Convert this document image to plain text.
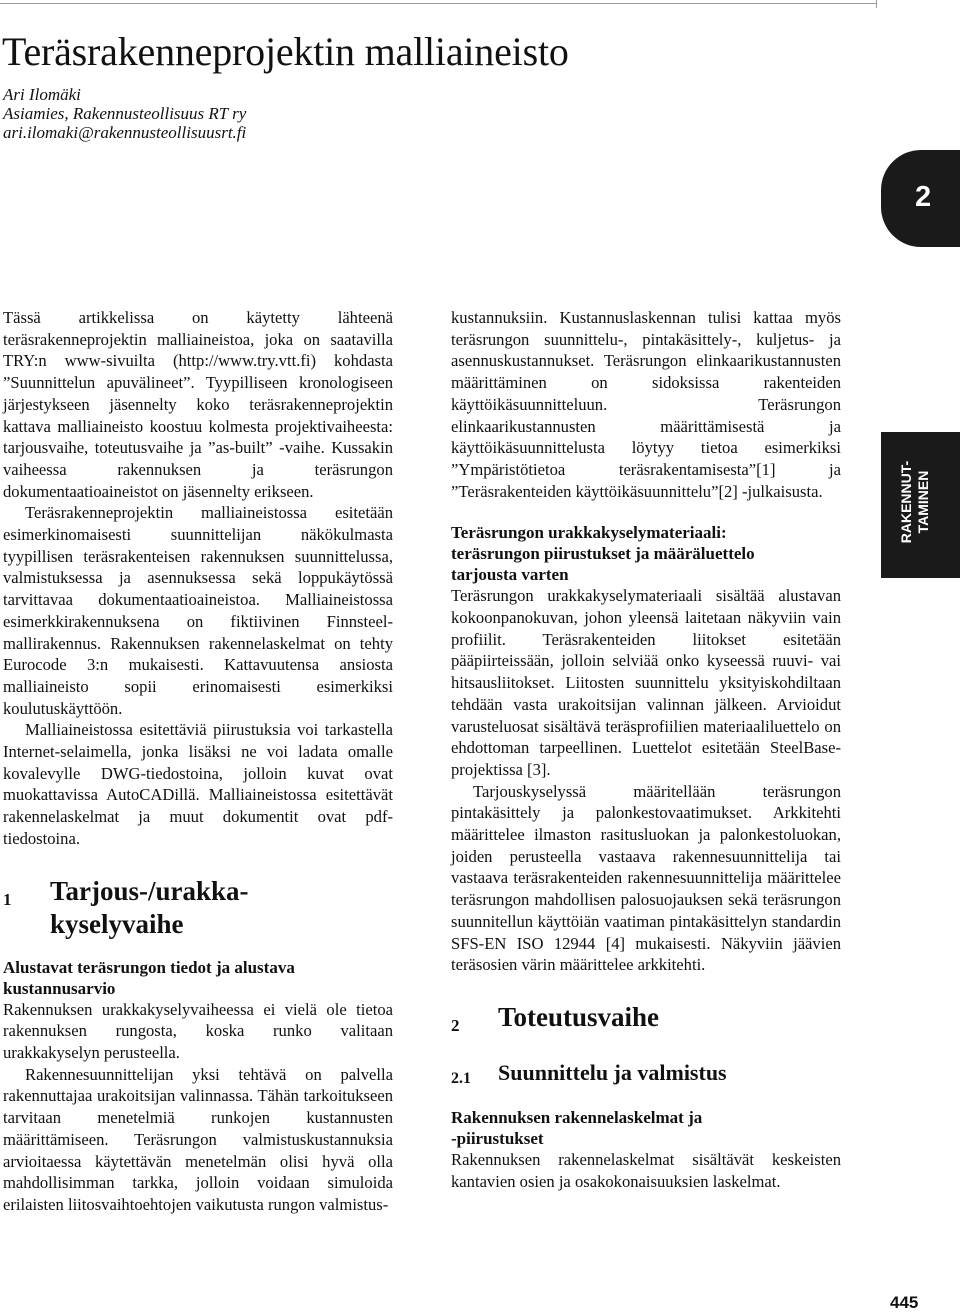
Teräsrakenneprojektin malliaineisto
Ari Ilomäki
Asiamies, Rakennusteollisuus RT ry
ari.ilomaki@rakennusteollisuusrt.fi
2
RAKENNUT- TAMINEN

Tässä artikkelissa on käytetty lähteenä teräsrakenneprojektin malliaineistoa, joka on saatavilla TRY:n www-sivuilta (http://www.try.vtt.fi) kohdasta ”Suunnittelun apuvälineet”. Tyypilliseen kronologiseen järjestykseen jäsennelty koko teräsrakenneprojektin kattava malliaineisto koostuu kolmesta projektivaiheesta: tarjousvaihe, toteutusvaihe ja ”as-built” -vaihe. Kussakin vaiheessa rakennuksen ja teräsrungon dokumentaatioaineistot on jäsennelty erikseen.

Teräsrakenneprojektin malliaineistossa esitetään esimerkinomaisesti suunnittelijan näkökulmasta tyypillisen teräsrakenteisen rakennuksen suunnittelussa, valmistuksessa ja asennuksessa sekä loppukäytössä tarvittavaa dokumentaatioaineistoa. Malliaineistossa esimerkkirakennuksena on fiktiivinen Finnsteel-mallirakennus. Rakennuksen rakennelaskelmat on tehty Eurocode 3:n mukaisesti. Kattavuutensa ansiosta malliaineisto sopii erinomaisesti esimerkiksi koulutuskäyttöön.

Malliaineistossa esitettäviä piirustuksia voi tarkastella Internet-selaimella, jonka lisäksi ne voi ladata omalle kovalevylle DWG-tiedostoina, jolloin kuvat ovat muokattavissa AutoCADillä. Malliaineistossa esitettävät rakennelaskelmat ja muut dokumentit ovat pdf-tiedostoina.

1	Tarjous-/urakka-
kyselyvaihe
Alustavat teräsrungon tiedot ja alustava
kustannusarvio

Rakennuksen urakkakyselyvaiheessa ei vielä ole tietoa rakennuksen rungosta, koska runko valitaan urakkakyselyn perusteella.

Rakennesuunnittelijan yksi tehtävä on palvella rakennuttajaa urakoitsijan valinnassa. Tähän tarkoitukseen tarvitaan menetelmiä runkojen kustannusten määrittämiseen. Teräsrungon valmistuskustannuksia arvioitaessa käytettävän menetelmän olisi hyvä olla mahdollisimman tarkka, jolloin voidaan simuloida erilaisten liitosvaihtoehtojen vaikutusta rungon valmistus-

kustannuksiin. Kustannuslaskennan tulisi kattaa myös teräsrungon suunnittelu-, pintakäsittely-, kuljetus- ja asennuskustannukset. Teräsrungon elinkaarikustannusten määrittäminen on sidoksissa rakenteiden käyttöikäsuunnitteluun. Teräsrungon elinkaarikustannusten määrittämisestä ja käyttöikäsuunnittelusta löytyy tietoa esimerkiksi ”Ympäristötietoa teräsrakentamisesta”[1] ja ”Teräsrakenteiden käyttöikäsuunnittelu”[2] -julkaisusta.

Teräsrungon urakkakyselymateriaali:
teräsrungon piirustukset ja määräluettelo
tarjousta varten

Teräsrungon urakkakyselymateriaali sisältää alustavan kokoonpanokuvan, johon yleensä laitetaan näkyviin vain profiilit. Teräsrakenteiden liitokset esitetään pääpiirteissään, jolloin selviää onko kyseessä ruuvi- vai hitsausliitokset. Liitosten suunnittelu yksityiskohdiltaan tehdään vasta urakoitsijan valinnan jälkeen. Arvioidut varusteluosat sisältävä teräsprofiilien materiaaliluettelo on ehdottoman tarpeellinen. Luettelot esitetään SteelBase-projektissa [3].

Tarjouskyselyssä määritellään teräsrungon pintakäsittely ja palonkestovaatimukset. Arkkitehti määrittelee ilmaston rasitusluokan ja palonkestoluokan, joiden perusteella vastaava rakennesuunnittelija tai vastaava teräsrakenteiden rakennesuunnittelija määrittelee teräsrungon mahdollisen palosuojauksen sekä teräsrungon suunnitellun käyttöiän vaatiman pintakäsittelyn standardin SFS-EN ISO 12944 [4] mukaisesti. Näkyviin jäävien teräsosien värin määrittelee arkkitehti.

2	Toteutusvaihe
2.1	Suunnittelu ja valmistus
Rakennuksen rakennelaskelmat ja
-piirustukset

Rakennuksen rakennelaskelmat sisältävät keskeisten kantavien osien ja osakokonaisuuksien laskelmat.

445
